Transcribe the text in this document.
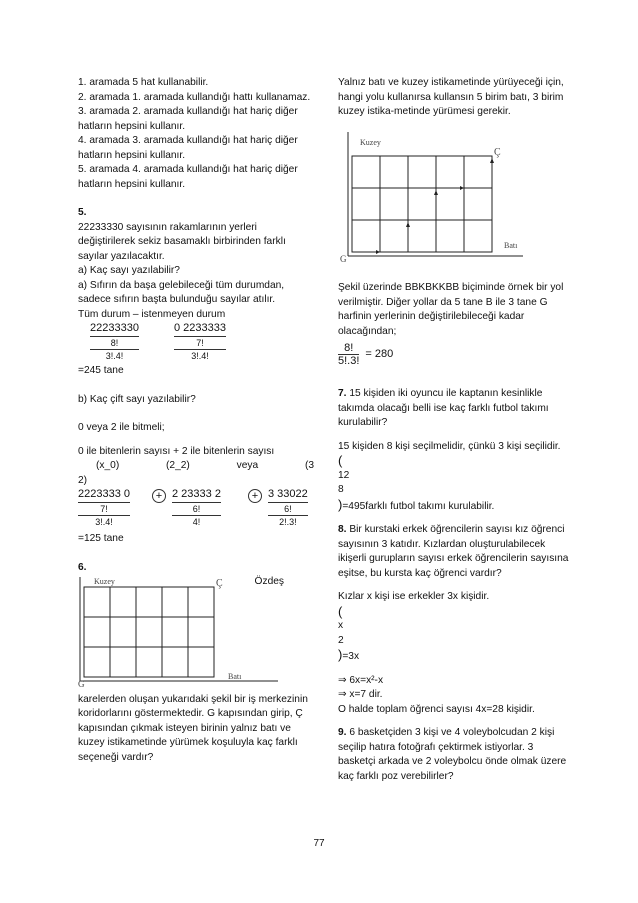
1. aramada 5 hat kullanabilir.

2. aramada 1. aramada kullandığı hattı kullanamaz.

3. aramada 2. aramada kullandığı hat hariç diğer hatların hepsini kullanır.

4. aramada 3. aramada kullandığı hat hariç diğer hatların hepsini kullanır.

5. aramada 4. aramada kullandığı hat hariç diğer hatların hepsini kullanır.

5.

22233330 sayısının rakamlarının yerleri değiştirilerek sekiz basamaklı birbirinden farklı sayılar yazılacaktır.

a) Kaç sayı yazılabilir?

a) Sıfırın da başa gelebileceği tüm durumdan, sadece sıfırın başta bulunduğu sayılar atılır.

Tüm durum – istenmeyen durum

22233330
8!
3!.4!
0 2233333
7!
3!.4!

=245 tane

b) Kaç çift sayı yazılabilir?

0 veya 2 ile bitmeli;

0 ile bitenlerin sayısı + 2 ile bitenlerin sayısı

(x_0)	(2_2)	veya	(3

2)

2223333 0
7!
3!.4!
+ 2 23333 2
6!
4!
+ 3 33022
6!
2!.3!

=125 tane

6.
Özdeş
Kuzey	Ç
Batı
G

karelerden oluşan yukarıdaki şekil bir iş merkezinin koridorlarını göstermektedir. G kapısından girip, Ç kapısından çıkmak isteyen birinin yalnız batı ve kuzey istikametinde yürümek koşuluyla kaç farklı seçeneği vardır?

Yalnız batı ve kuzey istikametinde yürüyeceği için, hangi yolu kullanırsa kullansın 5 birim batı, 3 birim kuzey istika-metinde yürümesi gerekir.

Kuzey
Ç
Batı
G

Şekil üzerinde BBKBKKBB biçiminde örnek bir yol verilmiştir. Diğer yollar da 5 tane B ile 3 tane G harfinin yerlerinin değiştirilebileceği kadar olacağından;

$\frac{8!}{5!.3!} = 280$

7. 15 kişiden iki oyuncu ile kaptanın kesinlikle takımda olacağı belli ise kaç farklı futbol takımı kurulabilir?

15 kişiden 8 kişi seçilmelidir, çünkü 3 kişi seçilidir.

(

12
8
)=495farklı futbol takımı kurulabilir.

8. Bir kurstaki erkek öğrencilerin sayısı kız öğrenci sayısının 3 katıdır. Kızlardan oluşturulabilecek ikişerli gurupların sayısı erkek öğrencilerin sayısına eşitse, bu kursta kaç öğrenci vardır?

Kızlar x kişi ise erkekler 3x kişidir.

(

x
2
)=3x

⇒ 6x=x²-x

⇒ x=7 dir.

O halde toplam öğrenci sayısı 4x=28 kişidir.

9. 6 basketçiden 3 kişi ve 4 voleybolcudan 2 kişi seçilip hatıra fotoğrafı çektirmek istiyorlar. 3 basketçi arkada ve 2 voleybolcu önde olmak üzere kaç farklı poz verebilirler?

77
